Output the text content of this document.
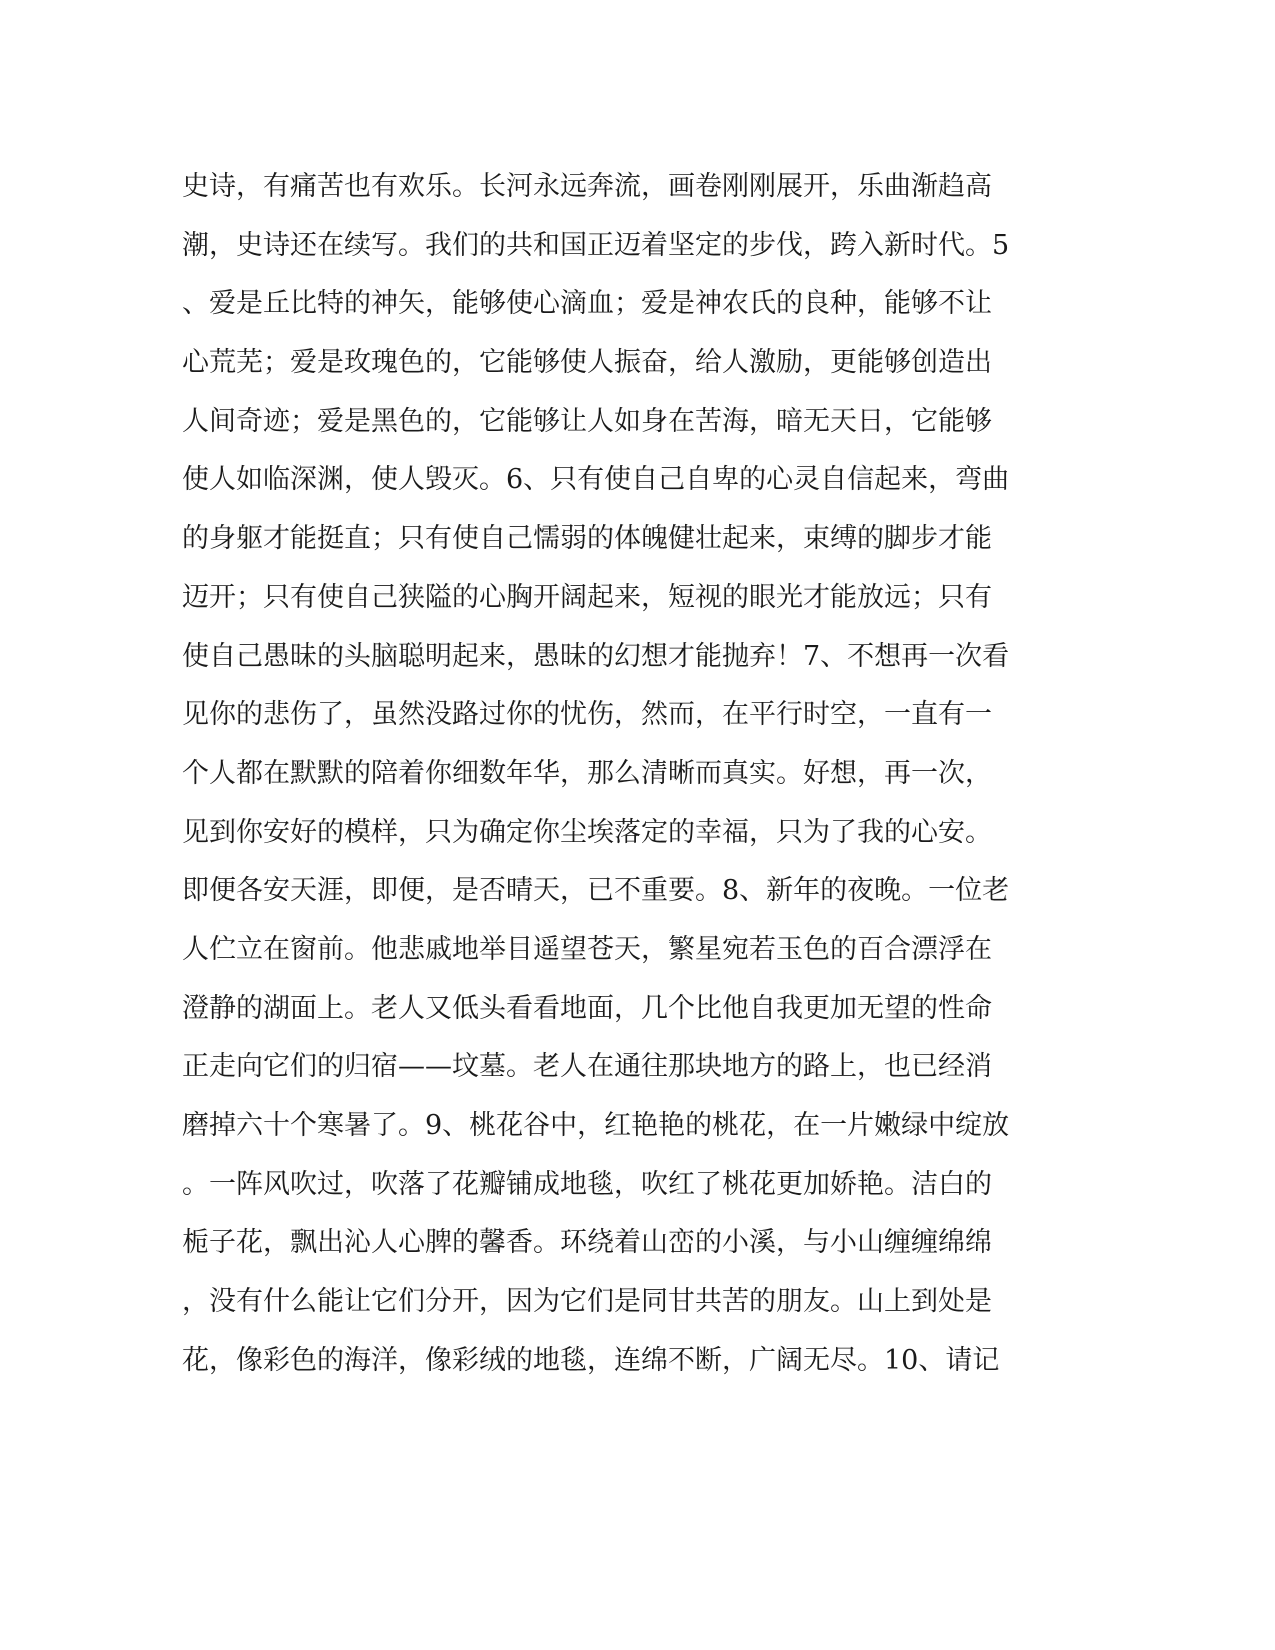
史诗，有痛苦也有欢乐。长河永远奔流，画卷刚刚展开，乐曲渐趋高
潮，史诗还在续写。我们的共和国正迈着坚定的步伐，跨入新时代。5
、爱是丘比特的神矢，能够使心滴血；爱是神农氏的良种，能够不让
心荒芜；爱是玫瑰色的，它能够使人振奋，给人激励，更能够创造出
人间奇迹；爱是黑色的，它能够让人如身在苦海，暗无天日，它能够
使人如临深渊，使人毁灭。6、只有使自己自卑的心灵自信起来，弯曲
的身躯才能挺直；只有使自己懦弱的体魄健壮起来，束缚的脚步才能
迈开；只有使自己狭隘的心胸开阔起来，短视的眼光才能放远；只有
使自己愚昧的头脑聪明起来，愚昧的幻想才能抛弃！7、不想再一次看
见你的悲伤了，虽然没路过你的忧伤，然而，在平行时空，一直有一
个人都在默默的陪着你细数年华，那么清晰而真实。好想，再一次，
见到你安好的模样，只为确定你尘埃落定的幸福，只为了我的心安。
即便各安天涯，即便，是否晴天，已不重要。8、新年的夜晚。一位老
人伫立在窗前。他悲戚地举目遥望苍天，繁星宛若玉色的百合漂浮在
澄静的湖面上。老人又低头看看地面，几个比他自我更加无望的性命
正走向它们的归宿——坟墓。老人在通往那块地方的路上，也已经消
磨掉六十个寒暑了。9、桃花谷中，红艳艳的桃花，在一片嫩绿中绽放
。一阵风吹过，吹落了花瓣铺成地毯，吹红了桃花更加娇艳。洁白的
栀子花，飘出沁人心脾的馨香。环绕着山峦的小溪，与小山缠缠绵绵
，没有什么能让它们分开，因为它们是同甘共苦的朋友。山上到处是
花，像彩色的海洋，像彩绒的地毯，连绵不断，广阔无尽。10、请记
